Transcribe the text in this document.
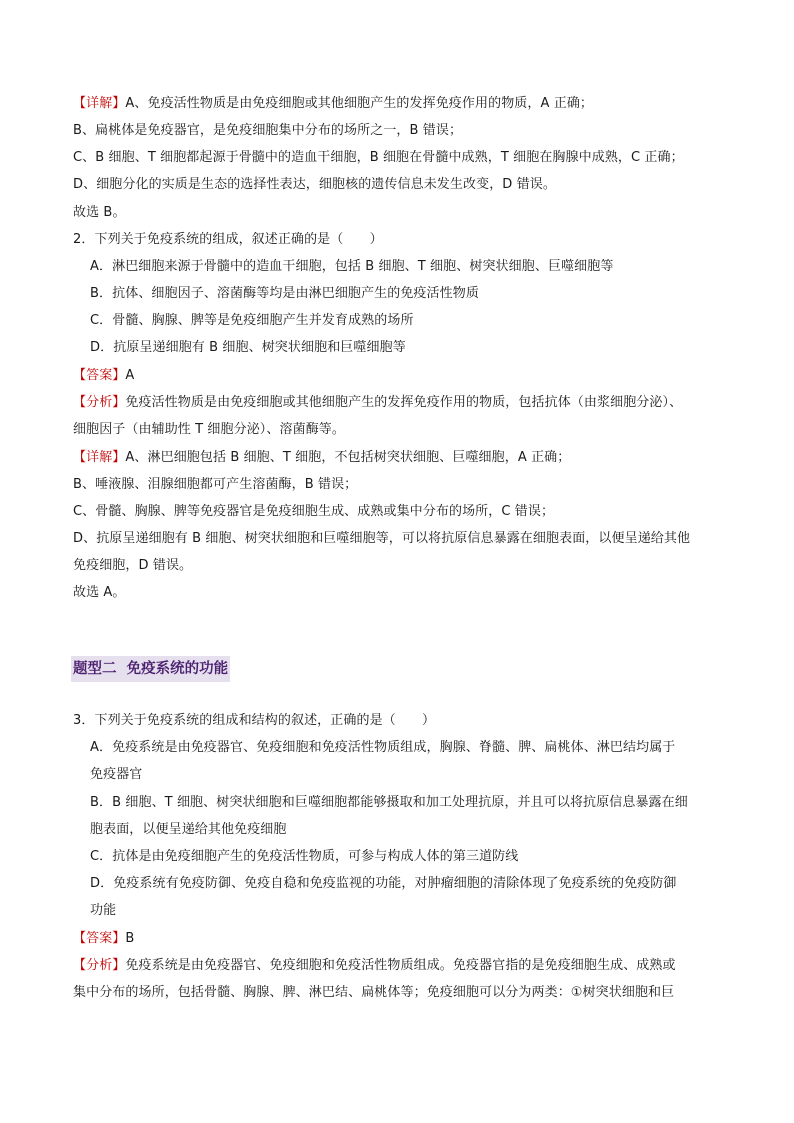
【详解】A、免疫活性物质是由免疫细胞或其他细胞产生的发挥免疫作用的物质，A 正确；
B、扁桃体是免疫器官，是免疫细胞集中分布的场所之一，B 错误；
C、B 细胞、T 细胞都起源于骨髓中的造血干细胞，B 细胞在骨髓中成熟，T 细胞在胸腺中成熟，C 正确；
D、细胞分化的实质是生态的选择性表达，细胞核的遗传信息未发生改变，D 错误。
故选 B。
2．下列关于免疫系统的组成，叙述正确的是（　　）
A．淋巴细胞来源于骨髓中的造血干细胞，包括 B 细胞、T 细胞、树突状细胞、巨噬细胞等
B．抗体、细胞因子、溶菌酶等均是由淋巴细胞产生的免疫活性物质
C．骨髓、胸腺、脾等是免疫细胞产生并发育成熟的场所
D．抗原呈递细胞有 B 细胞、树突状细胞和巨噬细胞等
【答案】A
【分析】免疫活性物质是由免疫细胞或其他细胞产生的发挥免疫作用的物质，包括抗体（由浆细胞分泌）、
细胞因子（由辅助性 T 细胞分泌）、溶菌酶等。
【详解】A、淋巴细胞包括 B 细胞、T 细胞，不包括树突状细胞、巨噬细胞，A 正确；
B、唾液腺、泪腺细胞都可产生溶菌酶，B 错误；
C、骨髓、胸腺、脾等免疫器官是免疫细胞生成、成熟或集中分布的场所，C 错误；
D、抗原呈递细胞有 B 细胞、树突状细胞和巨噬细胞等，可以将抗原信息暴露在细胞表面，以便呈递给其他
免疫细胞，D 错误。
故选 A。
题型二 免疫系统的功能
3．下列关于免疫系统的组成和结构的叙述，正确的是（　　）
A．免疫系统是由免疫器官、免疫细胞和免疫活性物质组成，胸腺、脊髓、脾、扁桃体、淋巴结均属于
免疫器官
B．B 细胞、T 细胞、树突状细胞和巨噬细胞都能够摄取和加工处理抗原，并且可以将抗原信息暴露在细
胞表面，以便呈递给其他免疫细胞
C．抗体是由免疫细胞产生的免疫活性物质，可参与构成人体的第三道防线
D．免疫系统有免疫防御、免疫自稳和免疫监视的功能，对肿瘤细胞的清除体现了免疫系统的免疫防御
功能
【答案】B
【分析】免疫系统是由免疫器官、免疫细胞和免疫活性物质组成。免疫器官指的是免疫细胞生成、成熟或
集中分布的场所，包括骨髓、胸腺、脾、淋巴结、扁桃体等；免疫细胞可以分为两类：①树突状细胞和巨
